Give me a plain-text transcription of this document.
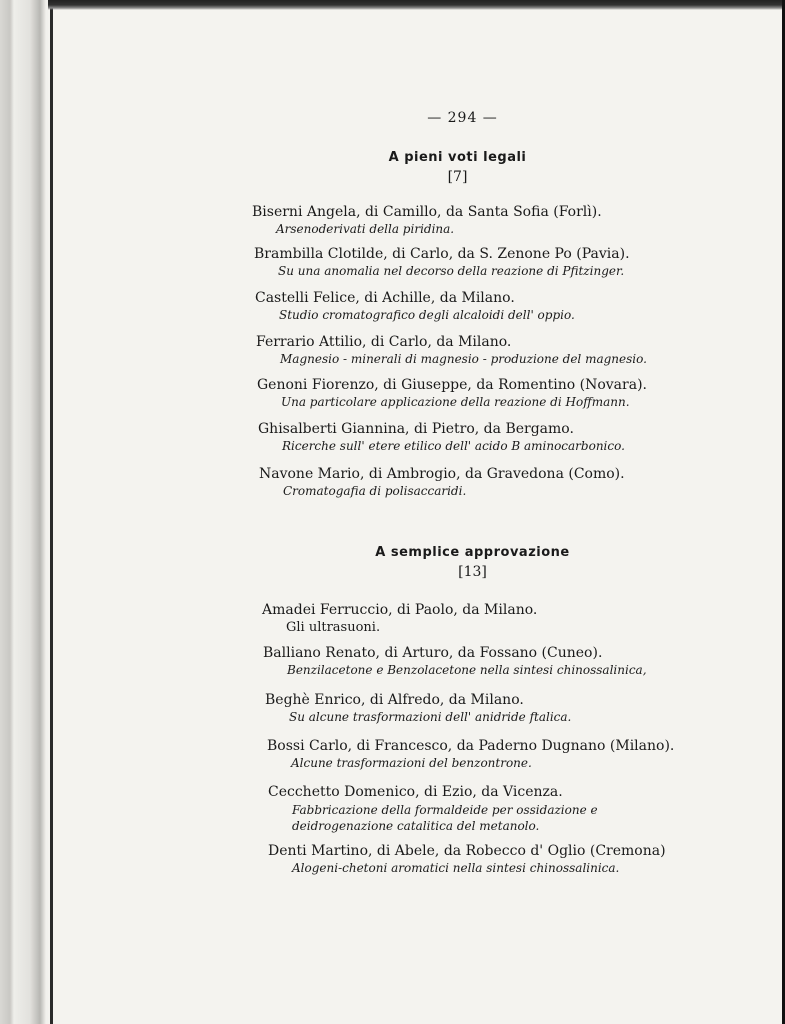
— 294 —
A pieni voti legali
[7]
Biserni Angela, di Camillo, da Santa Sofia (Forlì).
Arsenoderivati della piridina.
Brambilla Clotilde, di Carlo, da S. Zenone Po (Pavia).
Su una anomalia nel decorso della reazione di Pfitzinger.
Castelli Felice, di Achille, da Milano.
Studio cromatografico degli alcaloidi dell' oppio.
Ferrario Attilio, di Carlo, da Milano.
Magnesio - minerali di magnesio - produzione del magnesio.
Genoni Fiorenzo, di Giuseppe, da Romentino (Novara).
Una particolare applicazione della reazione di Hoffmann.
Ghisalberti Giannina, di Pietro, da Bergamo.
Ricerche sull' etere etilico dell' acido B aminocarbonico.
Navone Mario, di Ambrogio, da Gravedona (Como).
Cromatogafia di polisaccaridi.
A semplice approvazione
[13]
Amadei Ferruccio, di Paolo, da Milano.
Gli ultrasuoni.
Balliano Renato, di Arturo, da Fossano (Cuneo).
Benzilacetone e Benzolacetone nella sintesi chinossalinica,
Beghè Enrico, di Alfredo, da Milano.
Su alcune trasformazioni dell' anidride ftalica.
Bossi Carlo, di Francesco, da Paderno Dugnano (Milano).
Alcune trasformazioni del benzontrone.
Cecchetto Domenico, di Ezio, da Vicenza.
Fabbricazione della formaldeide per ossidazione e deidrogenazione catalitica del metanolo.
Denti Martino, di Abele, da Robecco d' Oglio (Cremona)
Alogeni-chetoni aromatici nella sintesi chinossalinica.
